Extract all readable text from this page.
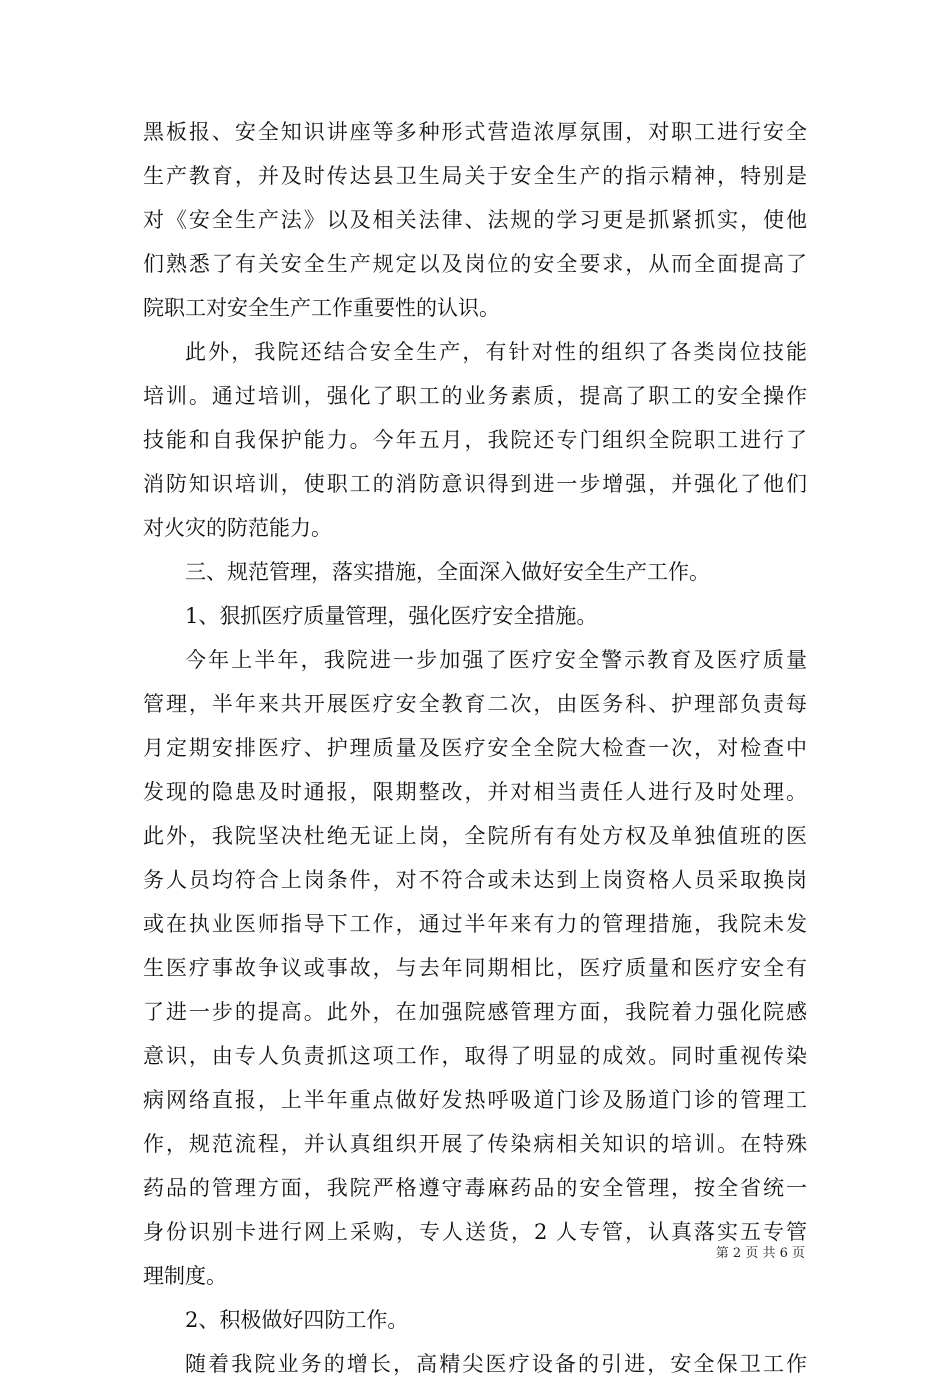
黑板报、安全知识讲座等多种形式营造浓厚氛围，对职工进行安全
生产教育，并及时传达县卫生局关于安全生产的指示精神，特别是
对《安全生产法》以及相关法律、法规的学习更是抓紧抓实，使他
们熟悉了有关安全生产规定以及岗位的安全要求，从而全面提高了
院职工对安全生产工作重要性的认识。
此外，我院还结合安全生产，有针对性的组织了各类岗位技能
培训。通过培训，强化了职工的业务素质，提高了职工的安全操作
技能和自我保护能力。今年五月，我院还专门组织全院职工进行了
消防知识培训，使职工的消防意识得到进一步增强，并强化了他们
对火灾的防范能力。
三、规范管理，落实措施，全面深入做好安全生产工作。
1、狠抓医疗质量管理，强化医疗安全措施。
今年上半年，我院进一步加强了医疗安全警示教育及医疗质量
管理，半年来共开展医疗安全教育二次，由医务科、护理部负责每
月定期安排医疗、护理质量及医疗安全全院大检查一次，对检查中
发现的隐患及时通报，限期整改，并对相当责任人进行及时处理。
此外，我院坚决杜绝无证上岗，全院所有有处方权及单独值班的医
务人员均符合上岗条件，对不符合或未达到上岗资格人员采取换岗
或在执业医师指导下工作，通过半年来有力的管理措施，我院未发
生医疗事故争议或事故，与去年同期相比，医疗质量和医疗安全有
了进一步的提高。此外，在加强院感管理方面，我院着力强化院感
意识，由专人负责抓这项工作，取得了明显的成效。同时重视传染
病网络直报，上半年重点做好发热呼吸道门诊及肠道门诊的管理工
作，规范流程，并认真组织开展了传染病相关知识的培训。在特殊
药品的管理方面，我院严格遵守毒麻药品的安全管理，按全省统一
身份识别卡进行网上采购，专人送货，2 人专管，认真落实五专管
理制度。
2、积极做好四防工作。
随着我院业务的增长，高精尖医疗设备的引进，安全保卫工作
第 2 页 共 6 页
